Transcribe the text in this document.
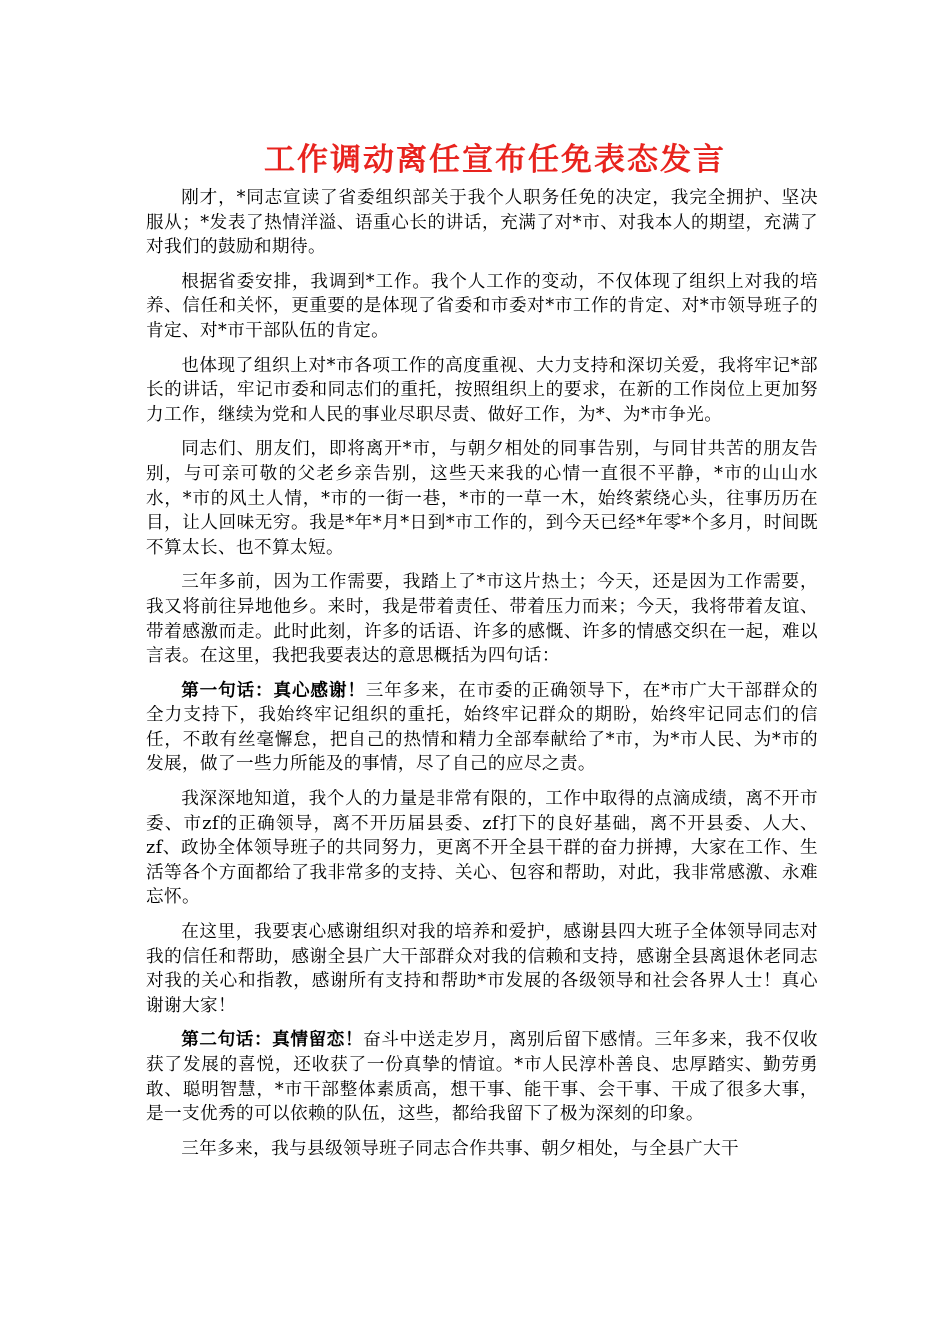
工作调动离任宣布任免表态发言

刚才，*同志宣读了省委组织部关于我个人职务任免的决定，我完全拥护、坚决服从；*发表了热情洋溢、语重心长的讲话，充满了对*市、对我本人的期望，充满了对我们的鼓励和期待。

根据省委安排，我调到*工作。我个人工作的变动，不仅体现了组织上对我的培养、信任和关怀，更重要的是体现了省委和市委对*市工作的肯定、对*市领导班子的肯定、对*市干部队伍的肯定。

也体现了组织上对*市各项工作的高度重视、大力支持和深切关爱，我将牢记*部长的讲话，牢记市委和同志们的重托，按照组织上的要求，在新的工作岗位上更加努力工作，继续为党和人民的事业尽职尽责、做好工作，为*、为*市争光。

同志们、朋友们，即将离开*市，与朝夕相处的同事告别，与同甘共苦的朋友告别，与可亲可敬的父老乡亲告别，这些天来我的心情一直很不平静，*市的山山水水，*市的风土人情，*市的一街一巷，*市的一草一木，始终萦绕心头，往事历历在目，让人回味无穷。我是*年*月*日到*市工作的，到今天已经*年零*个多月，时间既不算太长、也不算太短。

三年多前，因为工作需要，我踏上了*市这片热土；今天，还是因为工作需要，我又将前往异地他乡。来时，我是带着责任、带着压力而来；今天，我将带着友谊、带着感激而走。此时此刻，许多的话语、许多的感慨、许多的情感交织在一起，难以言表。在这里，我把我要表达的意思概括为四句话：

第一句话：真心感谢！三年多来，在市委的正确领导下，在*市广大干部群众的全力支持下，我始终牢记组织的重托，始终牢记群众的期盼，始终牢记同志们的信任，不敢有丝毫懈怠，把自己的热情和精力全部奉献给了*市，为*市人民、为*市的发展，做了一些力所能及的事情，尽了自己的应尽之责。

我深深地知道，我个人的力量是非常有限的，工作中取得的点滴成绩，离不开市委、市zf的正确领导，离不开历届县委、zf打下的良好基础，离不开县委、人大、zf、政协全体领导班子的共同努力，更离不开全县干群的奋力拼搏，大家在工作、生活等各个方面都给了我非常多的支持、关心、包容和帮助，对此，我非常感激、永难忘怀。

在这里，我要衷心感谢组织对我的培养和爱护，感谢县四大班子全体领导同志对我的信任和帮助，感谢全县广大干部群众对我的信赖和支持，感谢全县离退休老同志对我的关心和指教，感谢所有支持和帮助*市发展的各级领导和社会各界人士！真心谢谢大家！

第二句话：真情留恋！奋斗中送走岁月，离别后留下感情。三年多来，我不仅收获了发展的喜悦，还收获了一份真挚的情谊。*市人民淳朴善良、忠厚踏实、勤劳勇敢、聪明智慧，*市干部整体素质高，想干事、能干事、会干事、干成了很多大事，是一支优秀的可以依赖的队伍，这些，都给我留下了极为深刻的印象。

三年多来，我与县级领导班子同志合作共事、朝夕相处，与全县广大干
